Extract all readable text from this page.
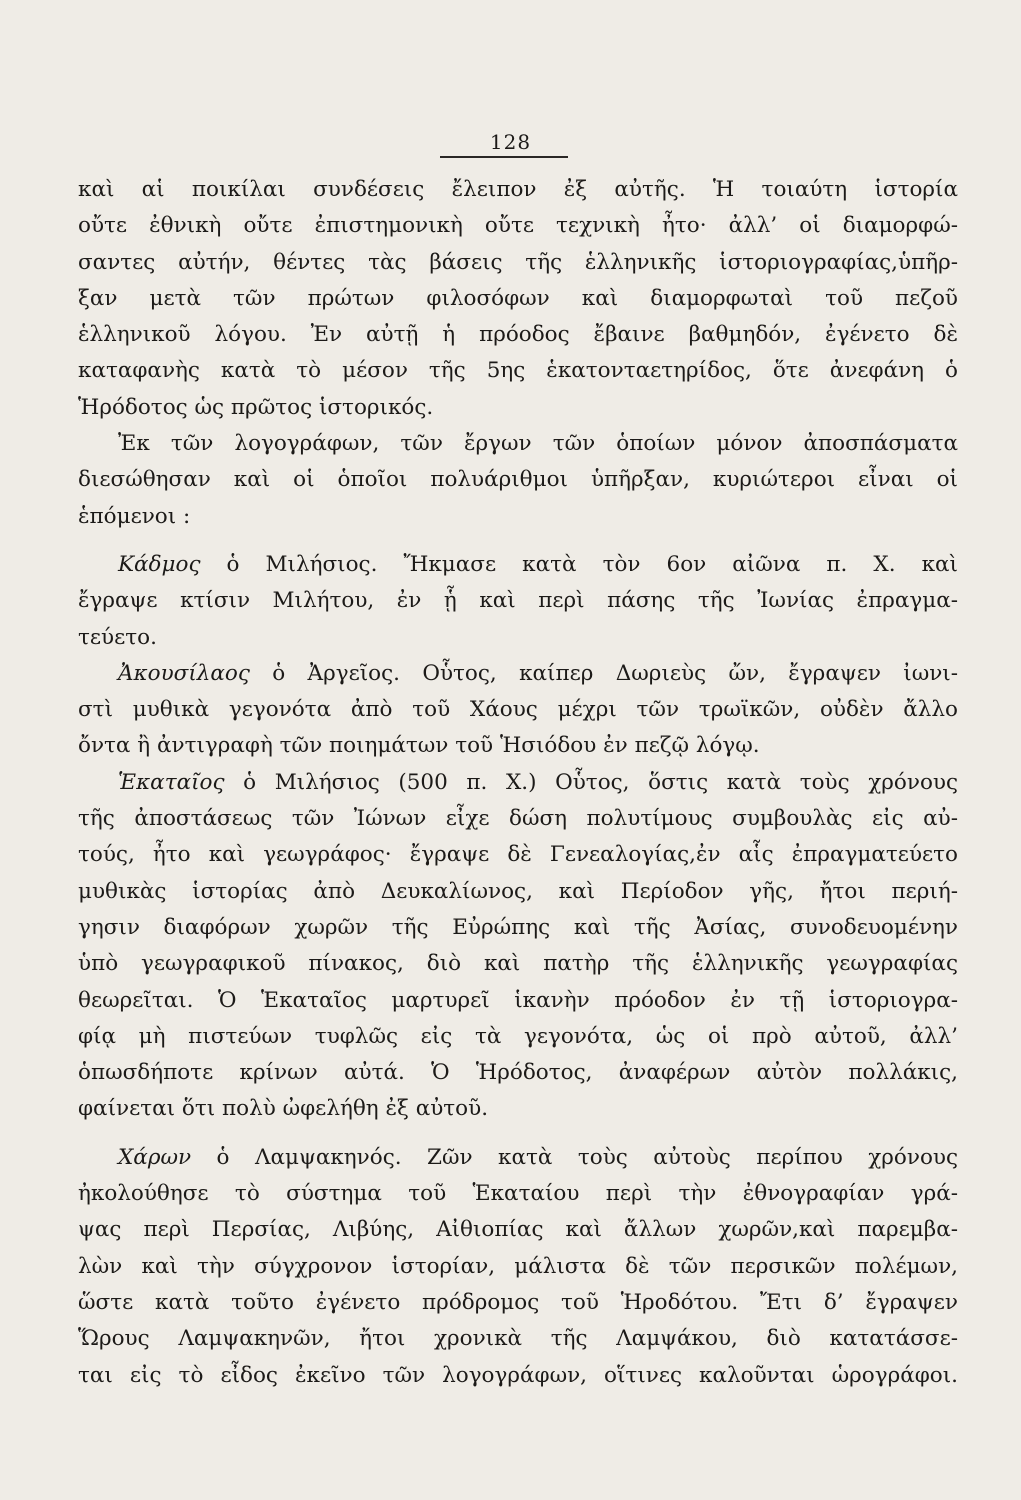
128
καὶ αἱ ποικίλαι συνδέσεις ἔλειπον ἐξ αὐτῆς. Ἡ τοιαύτη ἱστορία
οὔτε ἐθνικὴ οὔτε ἐπιστημονικὴ οὔτε τεχνικὴ ἦτο· ἀλλ’ οἱ διαμορφώ-
σαντες αὐτήν, θέντες τὰς βάσεις τῆς ἑλληνικῆς ἱστοριογραφίας,ὑπῆρ-
ξαν μετὰ τῶν πρώτων φιλοσόφων καὶ διαμορφωταὶ τοῦ πεζοῦ
ἑλληνικοῦ λόγου. Ἐν αὐτῇ ἡ πρόοδος ἔβαινε βαθμηδόν, ἐγένετο δὲ
καταφανὴς κατὰ τὸ μέσον τῆς 5ης ἑκατονταετηρίδος, ὅτε ἀνεφάνη ὁ
Ἡρόδοτος ὡς πρῶτος ἱστορικός.
Ἐκ τῶν λογογράφων, τῶν ἔργων τῶν ὁποίων μόνον ἀποσπάσματα
διεσώθησαν καὶ οἱ ὁποῖοι πολυάριθμοι ὑπῆρξαν, κυριώτεροι εἶναι οἱ
ἑπόμενοι :
Κάδμος ὁ Μιλήσιος. Ἤκμασε κατὰ τὸν 6ον αἰῶνα π. Χ. καὶ
ἔγραψε κτίσιν Μιλήτου, ἐν ᾗ καὶ περὶ πάσης τῆς Ἰωνίας ἐπραγμα-
τεύετο.
Ἀκουσίλαος ὁ Ἀργεῖος. Οὗτος, καίπερ Δωριεὺς ὤν, ἔγραψεν ἰωνι-
στὶ μυθικὰ γεγονότα ἀπὸ τοῦ Χάους μέχρι τῶν τρωϊκῶν, οὐδὲν ἄλλο
ὄντα ἢ ἀντιγραφὴ τῶν ποιημάτων τοῦ Ἡσιόδου ἐν πεζῷ λόγῳ.
Ἑκαταῖος ὁ Μιλήσιος (500 π. Χ.) Οὗτος, ὅστις κατὰ τοὺς χρόνους
τῆς ἀποστάσεως τῶν Ἰώνων εἶχε δώση πολυτίμους συμβουλὰς εἰς αὐ-
τούς, ἦτο καὶ γεωγράφος· ἔγραψε δὲ Γενεαλογίας,ἐν αἷς ἐπραγματεύετο
μυθικὰς ἱστορίας ἀπὸ Δευκαλίωνος, καὶ Περίοδον γῆς, ἤτοι περιή-
γησιν διαφόρων χωρῶν τῆς Εὐρώπης καὶ τῆς Ἀσίας, συνοδευομένην
ὑπὸ γεωγραφικοῦ πίνακος, διὸ καὶ πατὴρ τῆς ἑλληνικῆς γεωγραφίας
θεωρεῖται. Ὁ Ἑκαταῖος μαρτυρεῖ ἱκανὴν πρόοδον ἐν τῇ ἱστοριογρα-
φίᾳ μὴ πιστεύων τυφλῶς εἰς τὰ γεγονότα, ὡς οἱ πρὸ αὐτοῦ, ἀλλ’
ὁπωσδήποτε κρίνων αὐτά. Ὁ Ἡρόδοτος, ἀναφέρων αὐτὸν πολλάκις,
φαίνεται ὅτι πολὺ ὠφελήθη ἐξ αὐτοῦ.
Χάρων ὁ Λαμψακηνός. Ζῶν κατὰ τοὺς αὐτοὺς περίπου χρόνους
ἠκολούθησε τὸ σύστημα τοῦ Ἑκαταίου περὶ τὴν ἐθνογραφίαν γρά-
ψας περὶ Περσίας, Λιβύης, Αἰθιοπίας καὶ ἄλλων χωρῶν,καὶ παρεμβα-
λὼν καὶ τὴν σύγχρονον ἱστορίαν, μάλιστα δὲ τῶν περσικῶν πολέμων,
ὥστε κατὰ τοῦτο ἐγένετο πρόδρομος τοῦ Ἡροδότου. Ἔτι δ’ ἔγραψεν
Ὥρους Λαμψακηνῶν, ἤτοι χρονικὰ τῆς Λαμψάκου, διὸ κατατάσσε-
ται εἰς τὸ εἶδος ἐκεῖνο τῶν λογογράφων, οἵτινες καλοῦνται ὡρογράφοι.
